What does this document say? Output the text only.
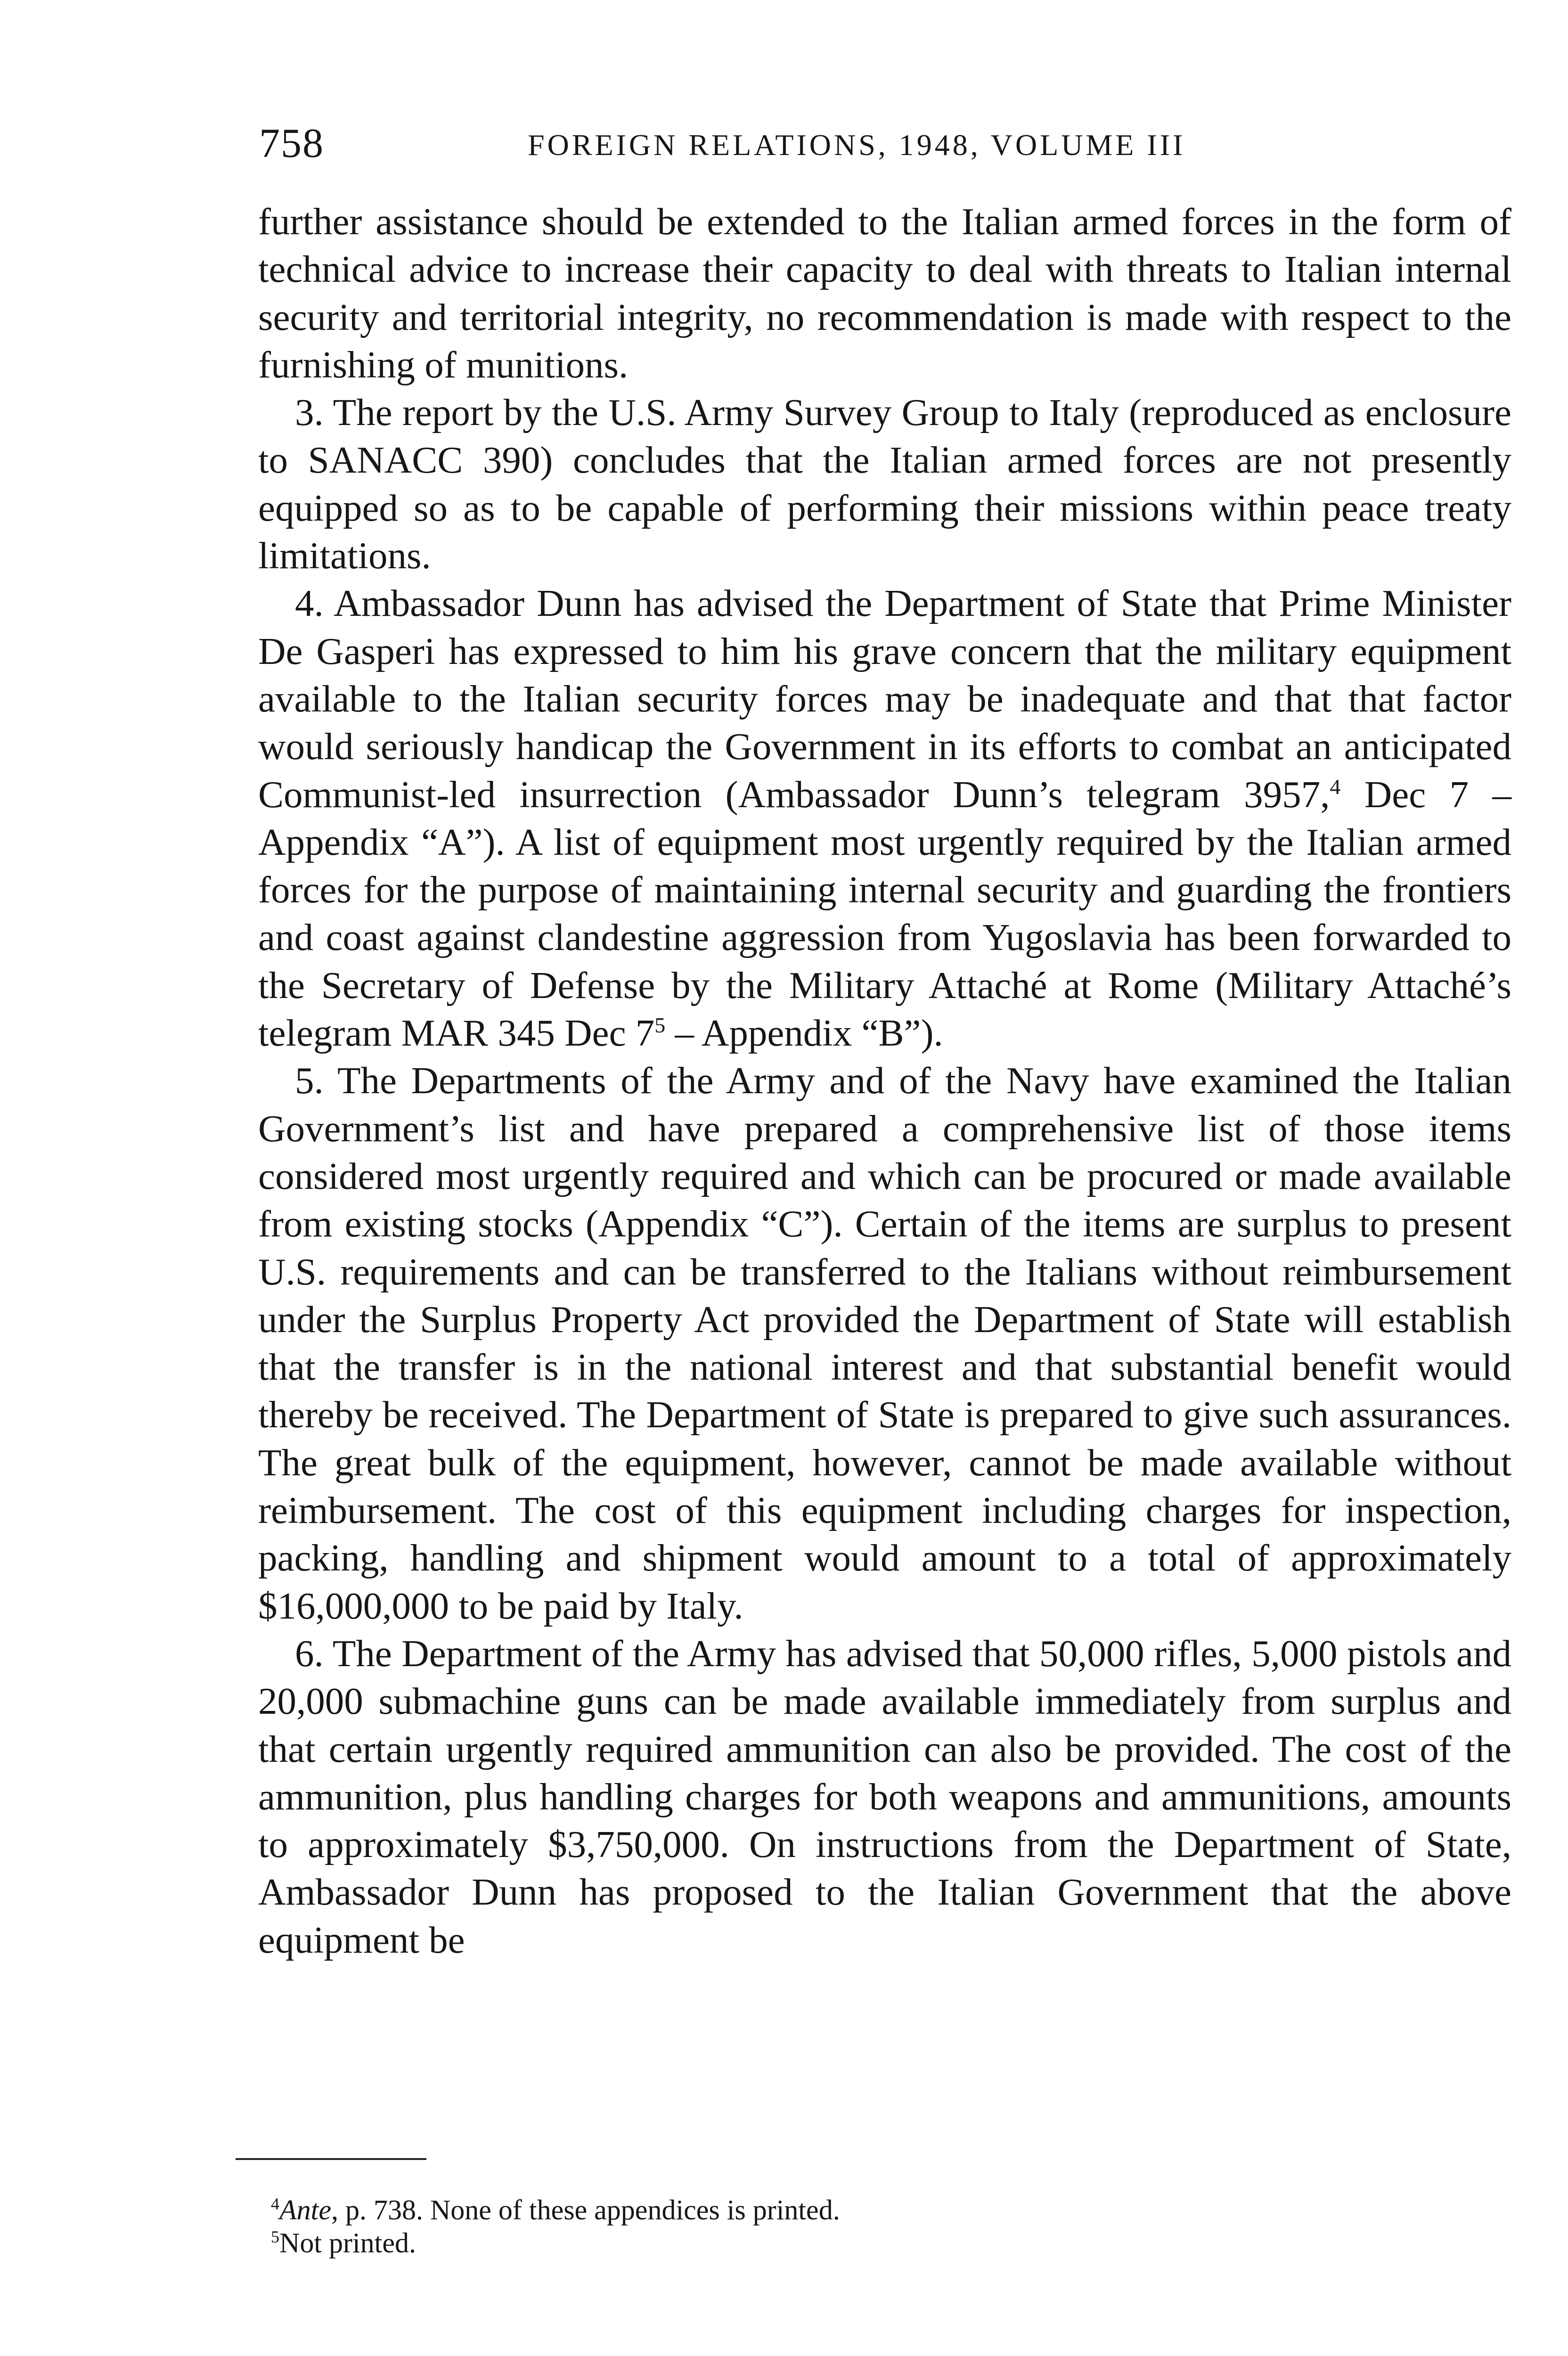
758	FOREIGN RELATIONS, 1948, VOLUME III

further assistance should be extended to the Italian armed forces in the form of technical advice to increase their capacity to deal with threats to Italian internal security and territorial integrity, no recommendation is made with respect to the furnishing of munitions.

3. The report by the U.S. Army Survey Group to Italy (reproduced as enclosure to SANACC 390) concludes that the Italian armed forces are not presently equipped so as to be capable of performing their missions within peace treaty limitations.

4. Ambassador Dunn has advised the Department of State that Prime Minister De Gasperi has expressed to him his grave concern that the military equipment available to the Italian security forces may be inadequate and that that factor would seriously handicap the Government in its efforts to combat an anticipated Communist-led insurrection (Ambassador Dunn’s telegram 3957,$^4$ Dec 7 – Appendix “A”). A list of equipment most urgently required by the Italian armed forces for the purpose of maintaining internal security and guarding the frontiers and coast against clandestine aggression from Yugoslavia has been forwarded to the Secretary of Defense by the Military Attaché at Rome (Military Attaché’s telegram MAR 345 Dec 7$^5$ – Appendix “B”).

5. The Departments of the Army and of the Navy have examined the Italian Government’s list and have prepared a comprehensive list of those items considered most urgently required and which can be procured or made available from existing stocks (Appendix “C”). Certain of the items are surplus to present U.S. requirements and can be transferred to the Italians without reimbursement under the Surplus Property Act provided the Department of State will establish that the transfer is in the national interest and that substantial benefit would thereby be received. The Department of State is prepared to give such assurances. The great bulk of the equipment, however, cannot be made available without reimbursement. The cost of this equipment including charges for inspection, packing, handling and shipment would amount to a total of approximately $16,000,000 to be paid by Italy.

6. The Department of the Army has advised that 50,000 rifles, 5,000 pistols and 20,000 submachine guns can be made available immediately from surplus and that certain urgently required ammunition can also be provided. The cost of the ammunition, plus handling charges for both weapons and ammunitions, amounts to approximately $3,750,000. On instructions from the Department of State, Ambassador Dunn has proposed to the Italian Government that the above equipment be

$^4$Ante, p. 738. None of these appendices is printed.

$^5$Not printed.
